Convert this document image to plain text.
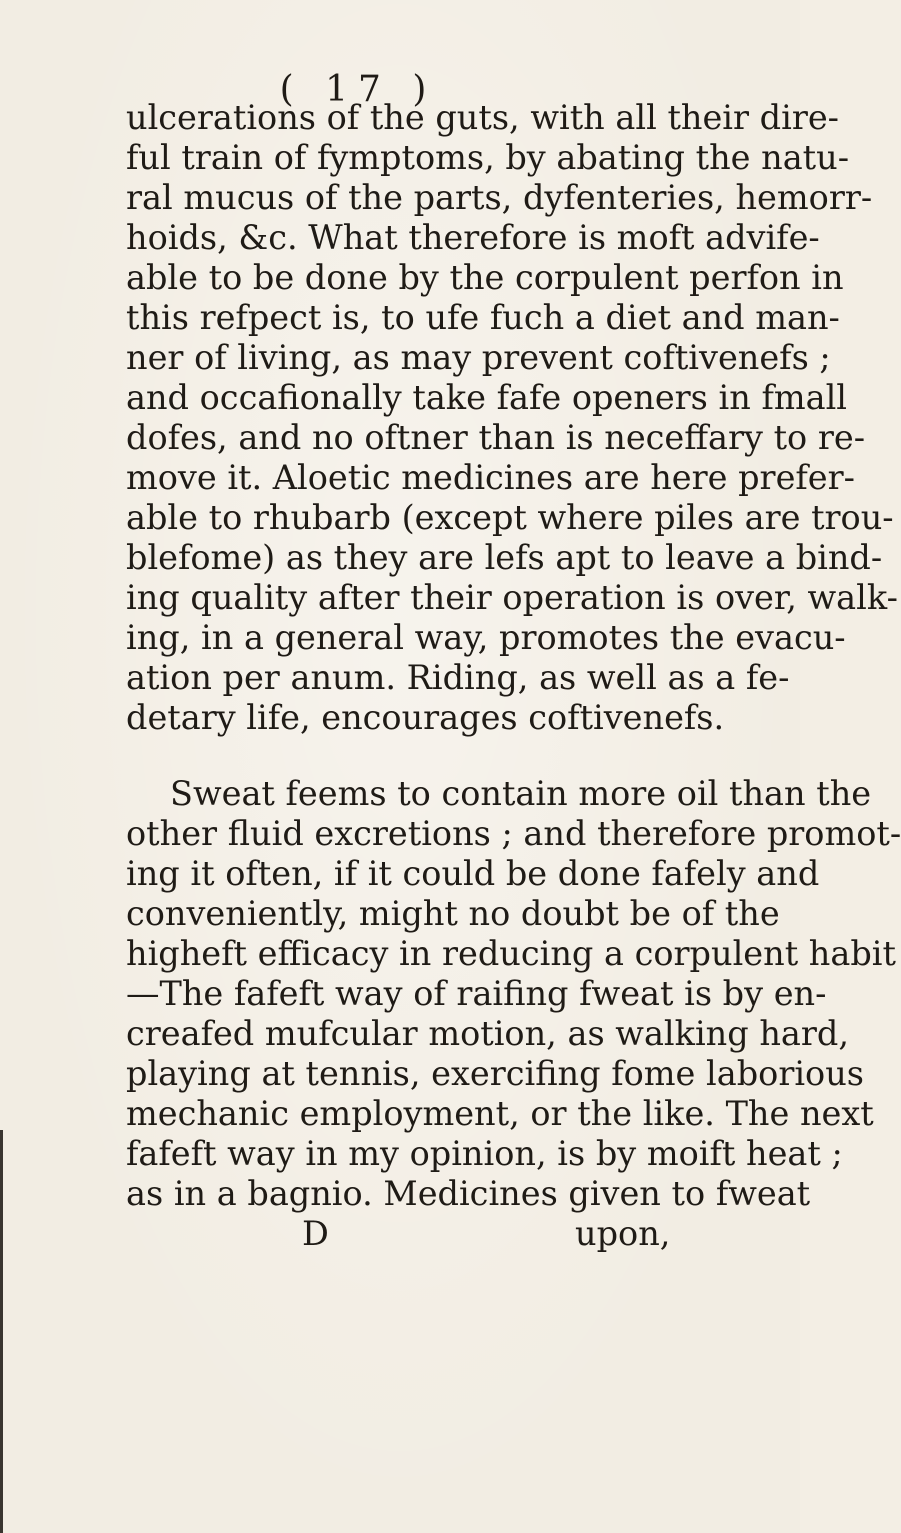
( 17 )
ulcerations of the guts, with all their dire-
ful train of fymptoms, by abating the natu-
ral mucus of the parts, dyfenteries, hemorr-
hoids, &c. What therefore is moft advife-
able to be done by the corpulent perfon in
this refpect is, to ufe fuch a diet and man-
ner of living, as may prevent coftivenefs ;
and occafionally take fafe openers in fmall
dofes, and no oftner than is neceffary to re-
move it. Aloetic medicines are here prefer-
able to rhubarb (except where piles are trou-
blefome) as they are lefs apt to leave a bind-
ing quality after their operation is over, walk-
ing, in a general way, promotes the evacu-
ation per anum. Riding, as well as a fe-
detary life, encourages coftivenefs.
Sweat feems to contain more oil than the
other fluid excretions ; and therefore promot-
ing it often, if it could be done fafely and
conveniently, might no doubt be of the
higheft efficacy in reducing a corpulent habit
—The fafeft way of raifing fweat is by en-
creafed mufcular motion, as walking hard,
playing at tennis, exercifing fome laborious
mechanic employment, or the like. The next
fafeft way in my opinion, is by moift heat ;
as in a bagnio. Medicines given to fweat
D	upon,
